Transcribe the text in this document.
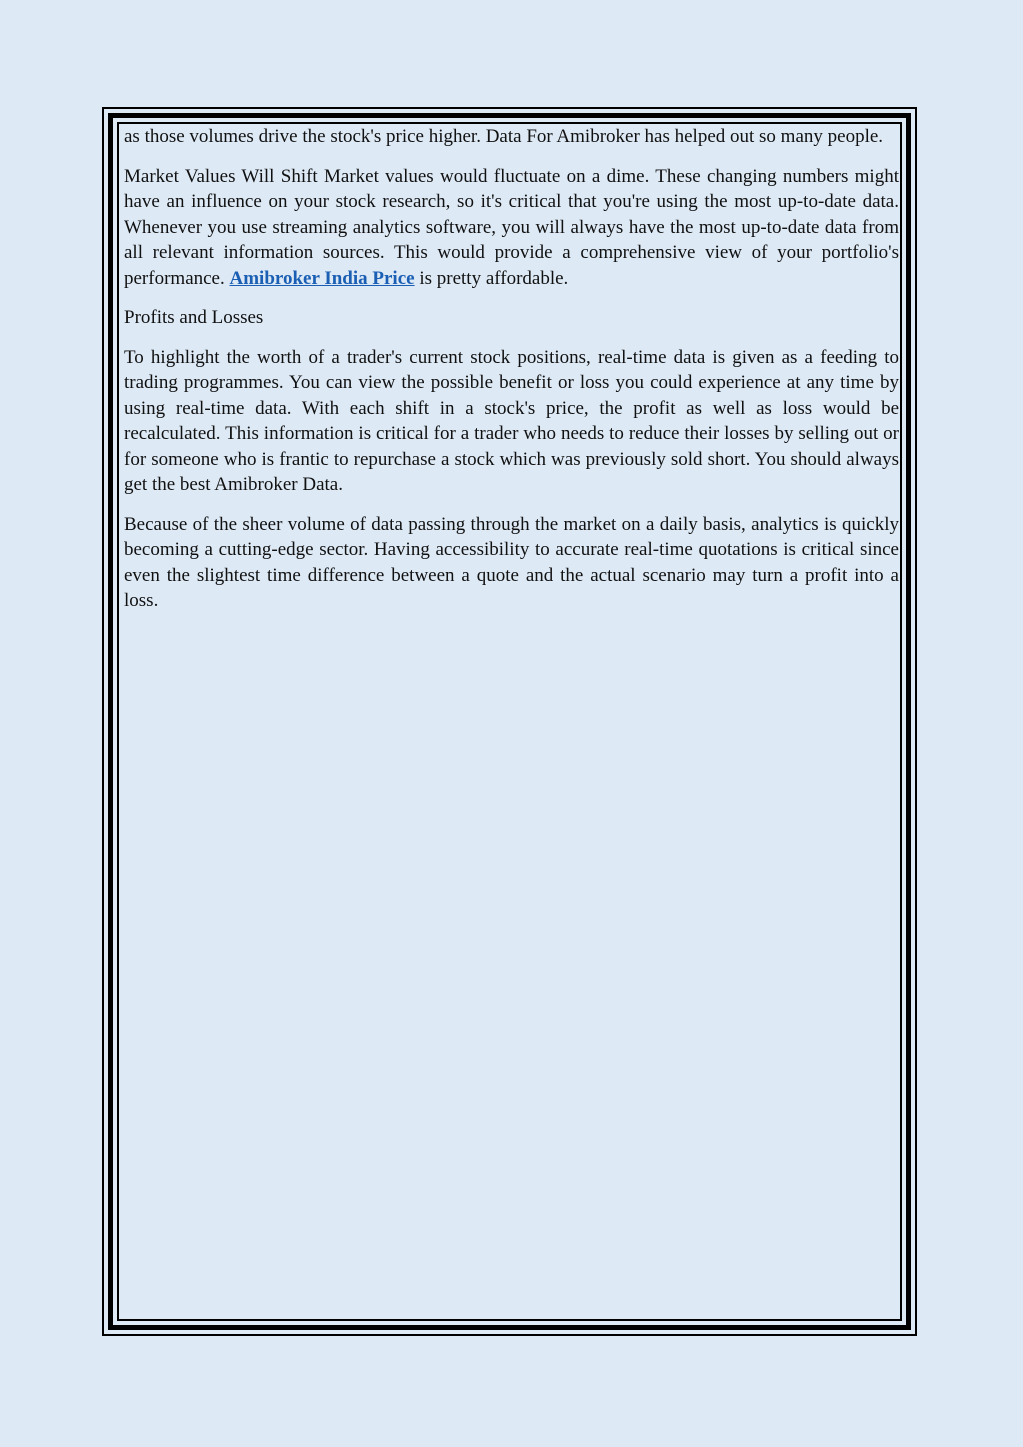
as those volumes drive the stock's price higher. Data For Amibroker has helped out so many people.

Market Values Will Shift Market values would fluctuate on a dime. These changing numbers might have an influence on your stock research, so it's critical that you're using the most up-to-date data. Whenever you use streaming analytics software, you will always have the most up-to-date data from all relevant information sources. This would provide a comprehensive view of your portfolio's performance. Amibroker India Price is pretty affordable.

Profits and Losses

To highlight the worth of a trader's current stock positions, real-time data is given as a feeding to trading programmes. You can view the possible benefit or loss you could experience at any time by using real-time data. With each shift in a stock's price, the profit as well as loss would be recalculated. This information is critical for a trader who needs to reduce their losses by selling out or for someone who is frantic to repurchase a stock which was previously sold short. You should always get the best Amibroker Data.

Because of the sheer volume of data passing through the market on a daily basis, analytics is quickly becoming a cutting-edge sector. Having accessibility to accurate real-time quotations is critical since even the slightest time difference between a quote and the actual scenario may turn a profit into a loss.
